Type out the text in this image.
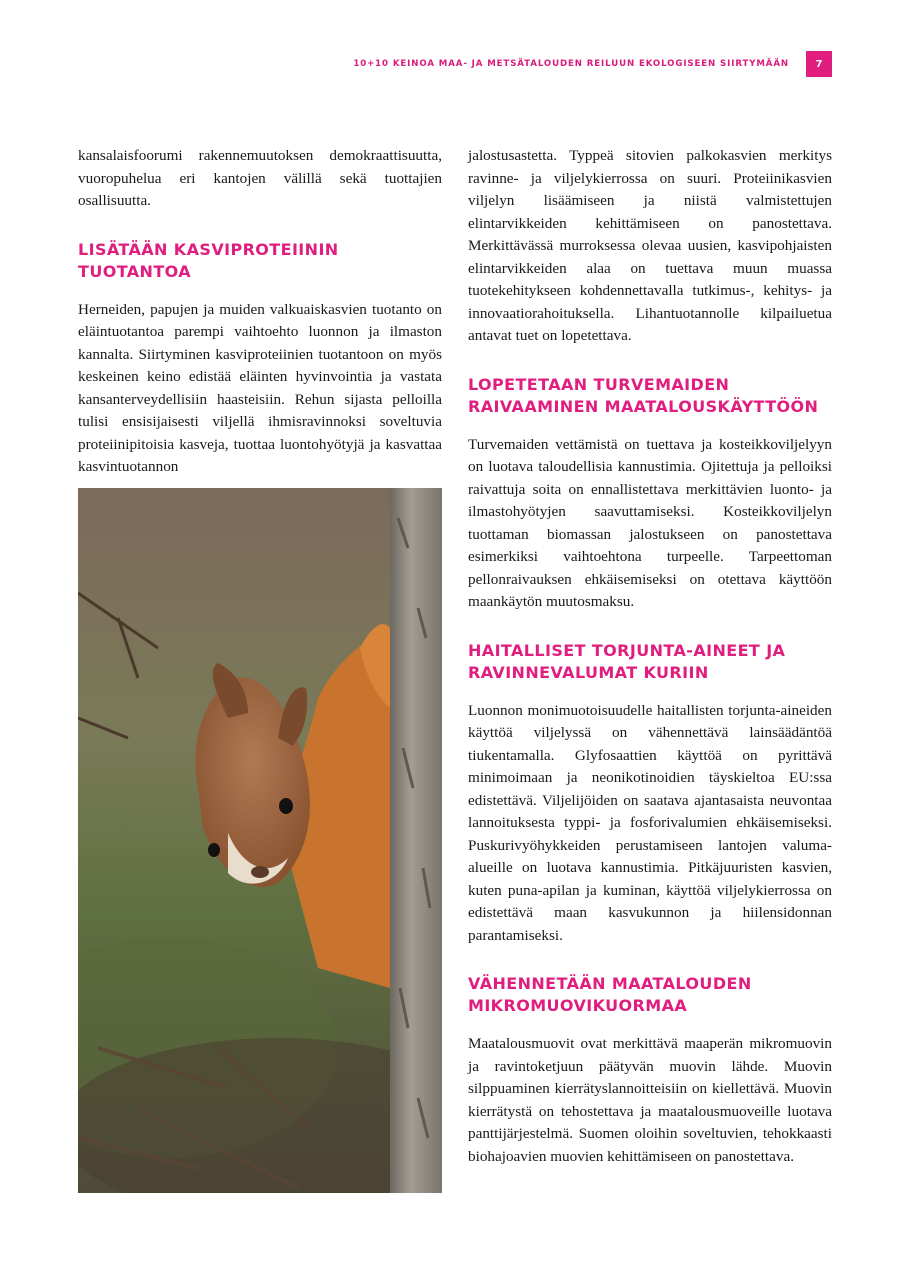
10+10 KEINOA MAA- JA METSÄTALOUDEN REILUUN EKOLOGISEEN SIIRTYMÄÄN	7

kansalaisfoorumi rakennemuutoksen demokraattisuutta, vuoropuhelua eri kantojen välillä sekä tuottajien osallisuutta.

LISÄTÄÄN KASVIPROTEIININ TUOTANTOA

Herneiden, papujen ja muiden valkuaiskasvien tuotanto on eläintuotantoa parempi vaihtoehto luonnon ja ilmaston kannalta. Siirtyminen kasviproteiinien tuotantoon on myös keskeinen keino edistää eläinten hyvinvointia ja vastata kansanterveydellisiin haasteisiin. Rehun sijasta pelloilla tulisi ensisijaisesti viljellä ihmisravinnoksi soveltuvia proteiinipitoisia kasveja, tuottaa luontohyötyjä ja kasvattaa kasvintuotannon

jalostusastetta. Typpeä sitovien palkokasvien merkitys ravinne- ja viljelykierrossa on suuri. Proteiinikasvien viljelyn lisäämiseen ja niistä valmistettujen elintarvikkeiden kehittämiseen on panostettava. Merkittävässä murroksessa olevaa uusien, kasvipohjaisten elintarvikkeiden alaa on tuettava muun muassa tuotekehitykseen kohdennettavalla tutkimus-, kehitys- ja innovaatiorahoituksella. Lihantuotannolle kilpailuetua antavat tuet on lopetettava.

LOPETETAAN TURVEMAIDEN RAIVAAMINEN MAATALOUSKÄYTTÖÖN

Turvemaiden vettämistä on tuettava ja kosteikkoviljelyyn on luotava taloudellisia kannustimia. Ojitettuja ja pelloiksi raivattuja soita on ennallistettava merkittävien luonto- ja ilmastohyötyjen saavuttamiseksi. Kosteikkoviljelyn tuottaman biomassan jalostukseen on panostettava esimerkiksi vaihtoehtona turpeelle. Tarpeettoman pellonraivauksen ehkäisemiseksi on otettava käyttöön maankäytön muutosmaksu.

HAITALLISET TORJUNTA-AINEET JA RAVINNEVALUMAT KURIIN

Luonnon monimuotoisuudelle haitallisten torjunta-aineiden käyttöä viljelyssä on vähennettävä lainsäädäntöä tiukentamalla. Glyfosaattien käyttöä on pyrittävä minimoimaan ja neonikotinoidien täyskieltoa EU:ssa edistettävä. Viljelijöiden on saatava ajantasaista neuvontaa lannoituksesta typpi- ja fosforivalumien ehkäisemiseksi. Puskurivyöhykkeiden perustamiseen lantojen valuma-alueille on luotava kannustimia. Pitkäjuuristen kasvien, kuten puna-apilan ja kuminan, käyttöä viljelykierrossa on edistettävä maan kasvukunnon ja hiilensidonnan parantamiseksi.

VÄHENNETÄÄN MAATALOUDEN MIKROMUOVIKUORMAA

Maatalousmuovit ovat merkittävä maaperän mikromuovin ja ravintoketjuun päätyvän muovin lähde. Muovin silppuaminen kierrätyslannoitteisiin on kiellettävä. Muovin kierrätystä on tehostettava ja maatalousmuoveille luotava panttijärjestelmä. Suomen oloihin soveltuvien, tehokkaasti biohajoavien muovien kehittämiseen on panostettava.
